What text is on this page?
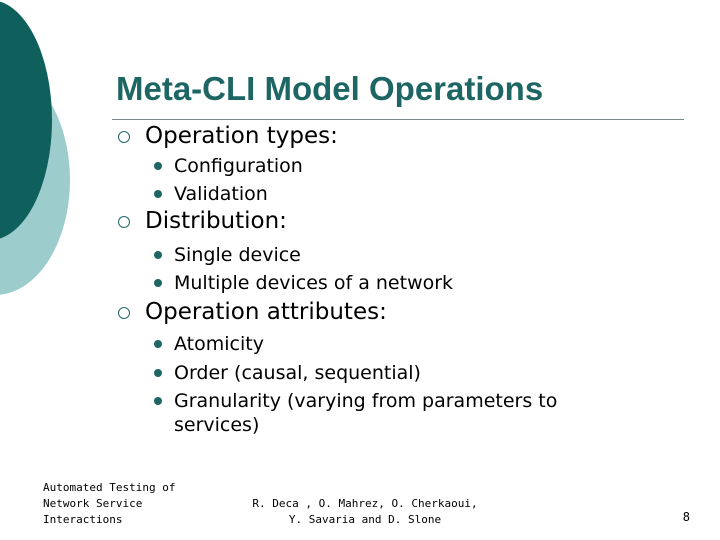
Meta-CLI Model Operations
Operation types:
Configuration
Validation
Distribution:
Single device
Multiple devices of a network
Operation attributes:
Atomicity
Order (causal, sequential)
Granularity (varying from parameters to services)
Automated Testing of
Network Service
Interactions
R. Deca , O. Mahrez, O. Cherkaoui,
Y. Savaria and D. Slone	8
